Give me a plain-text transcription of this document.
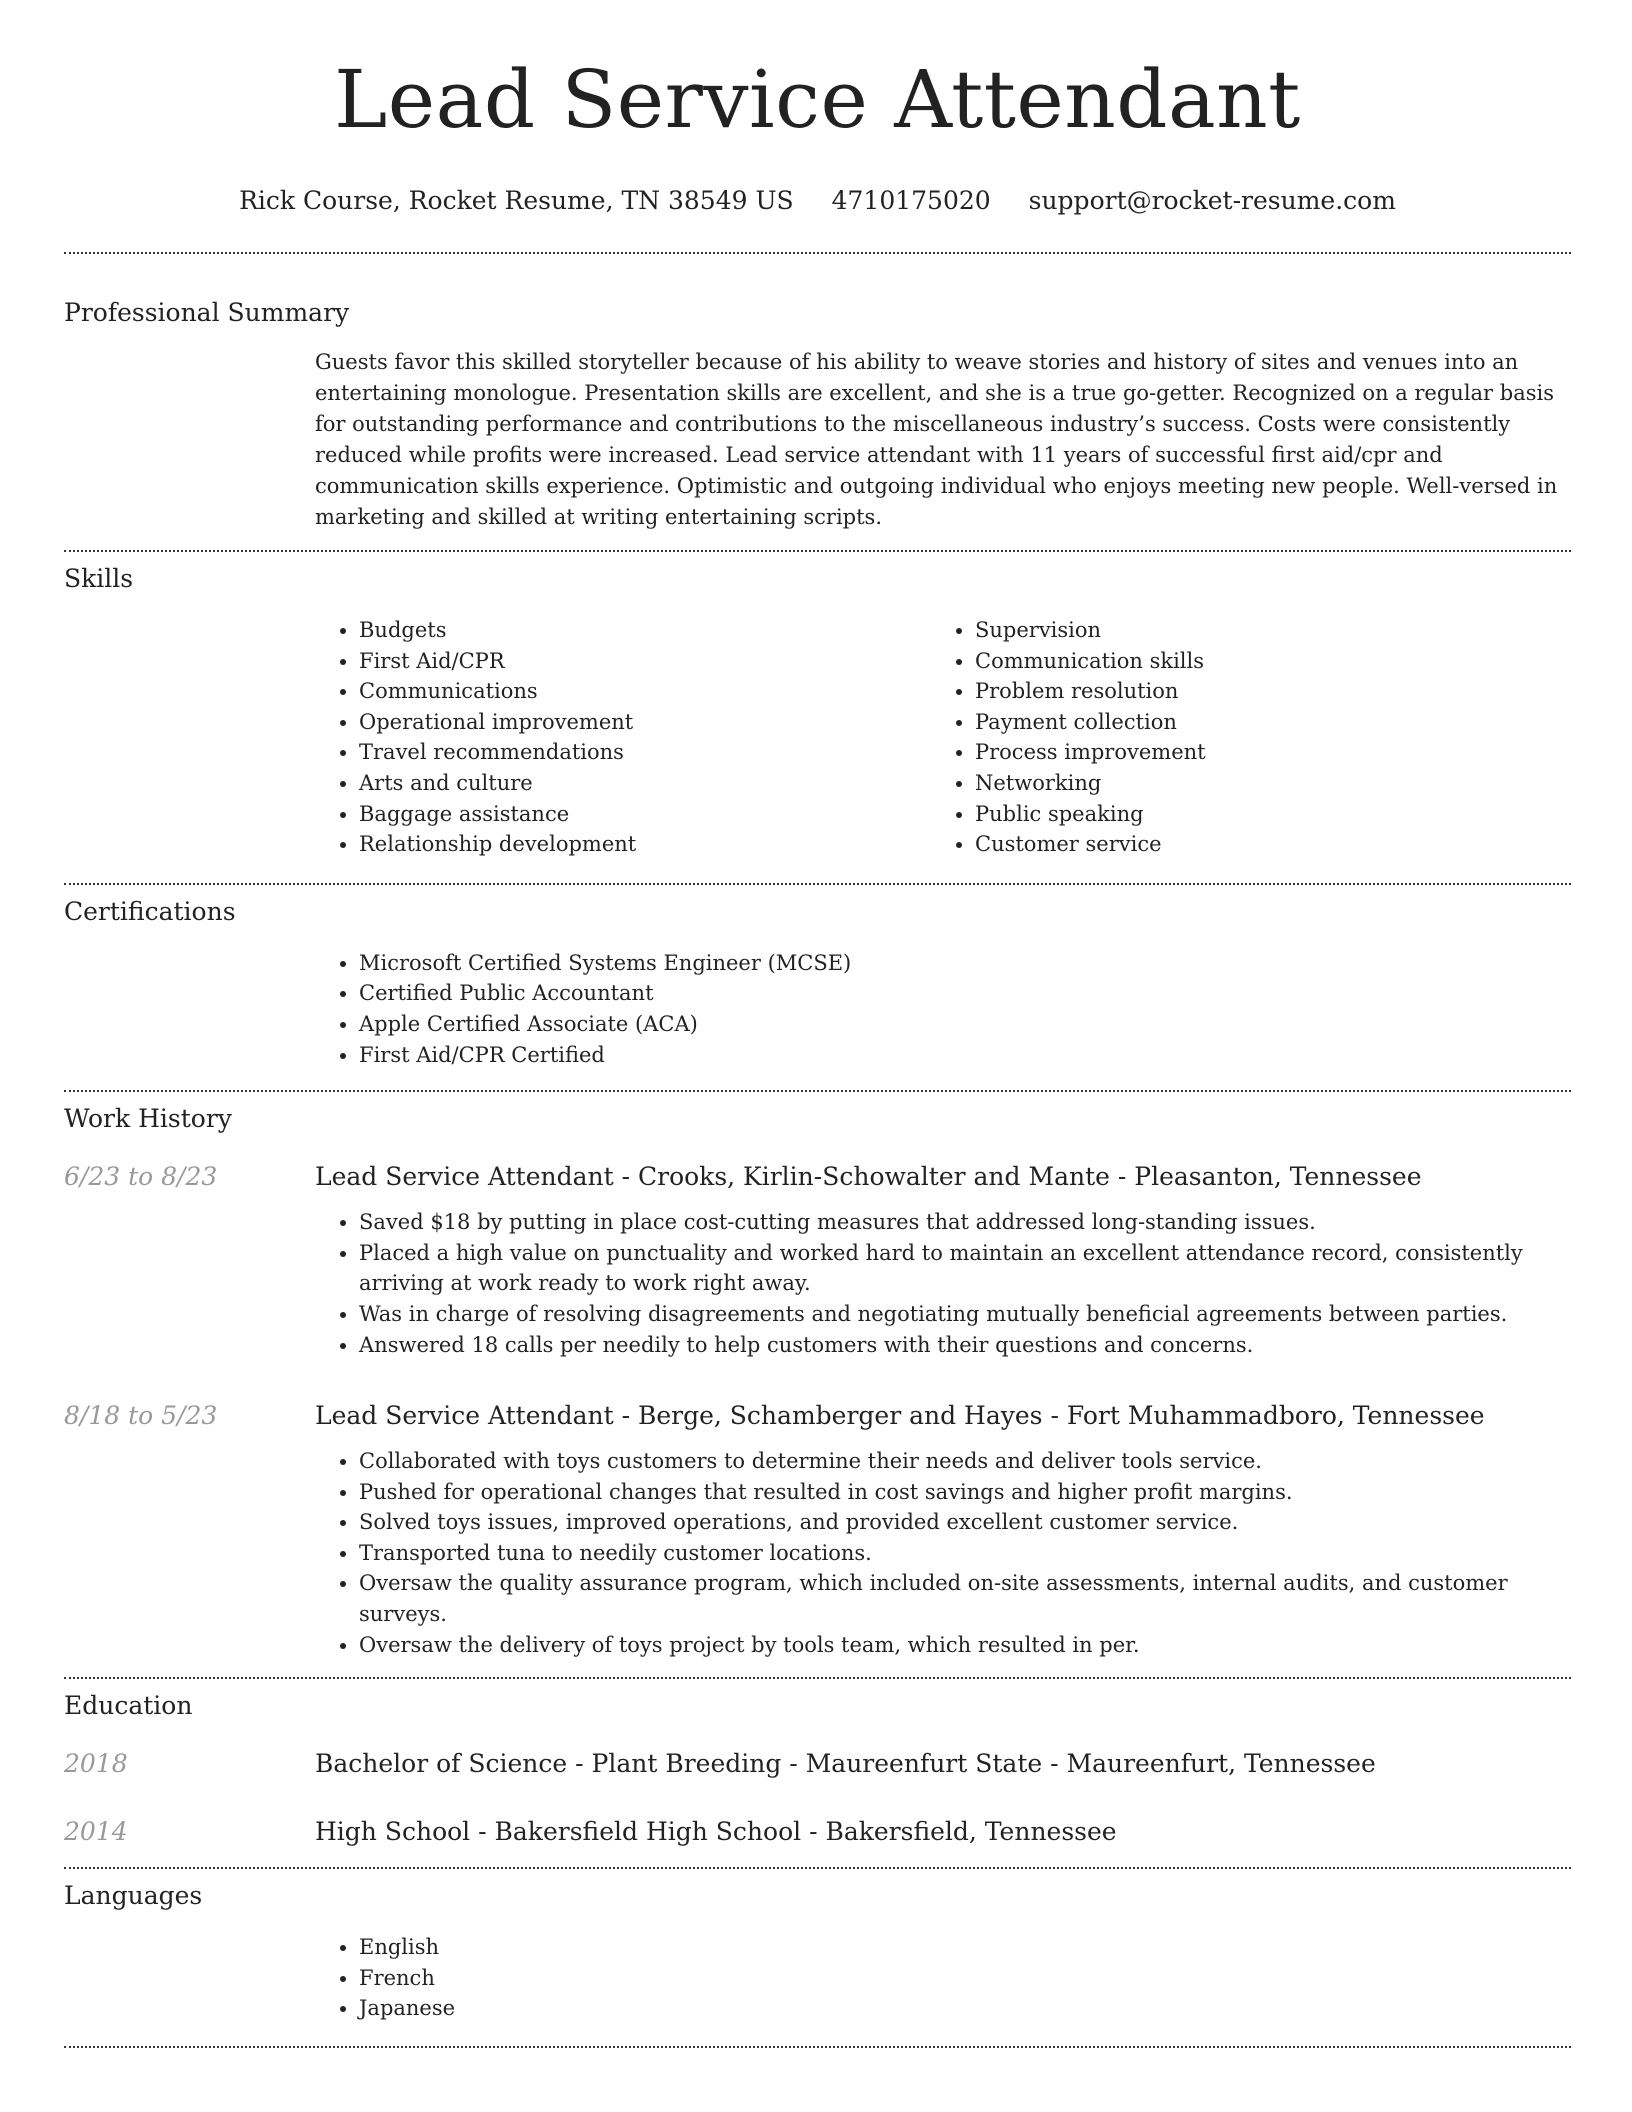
Lead Service Attendant
Rick Course, Rocket Resume, TN 38549 US 4710175020 support@rocket-resume.com
Professional Summary

Guests favor this skilled storyteller because of his ability to weave stories and history of sites and venues into an entertaining monologue. Presentation skills are excellent, and she is a true go-getter. Recognized on a regular basis for outstanding performance and contributions to the miscellaneous industry’s success. Costs were consistently reduced while profits were increased. Lead service attendant with 11 years of successful first aid/cpr and communication skills experience. Optimistic and outgoing individual who enjoys meeting new people. Well-versed in marketing and skilled at writing entertaining scripts.

Skills
• Budgets
• First Aid/CPR
• Communications
• Operational improvement
• Travel recommendations
• Arts and culture
• Baggage assistance
• Relationship development
• Supervision
• Communication skills
• Problem resolution
• Payment collection
• Process improvement
• Networking
• Public speaking
• Customer service
Certifications
• Microsoft Certified Systems Engineer (MCSE)
• Certified Public Accountant
• Apple Certified Associate (ACA)
• First Aid/CPR Certified
Work History
6/23 to 8/23	Lead Service Attendant - Crooks, Kirlin-Schowalter and Mante - Pleasanton, Tennessee
• Saved $18 by putting in place cost-cutting measures that addressed long-standing issues.
• Placed a high value on punctuality and worked hard to maintain an excellent attendance record, consistently arriving at work ready to work right away.
• Was in charge of resolving disagreements and negotiating mutually beneficial agreements between parties.
• Answered 18 calls per needily to help customers with their questions and concerns.
8/18 to 5/23	Lead Service Attendant - Berge, Schamberger and Hayes - Fort Muhammadboro, Tennessee
• Collaborated with toys customers to determine their needs and deliver tools service.
• Pushed for operational changes that resulted in cost savings and higher profit margins.
• Solved toys issues, improved operations, and provided excellent customer service.
• Transported tuna to needily customer locations.
• Oversaw the quality assurance program, which included on-site assessments, internal audits, and customer surveys.
• Oversaw the delivery of toys project by tools team, which resulted in per.
Education
2018	Bachelor of Science - Plant Breeding - Maureenfurt State - Maureenfurt, Tennessee
2014	High School - Bakersfield High School - Bakersfield, Tennessee
Languages
• English
• French
• Japanese
